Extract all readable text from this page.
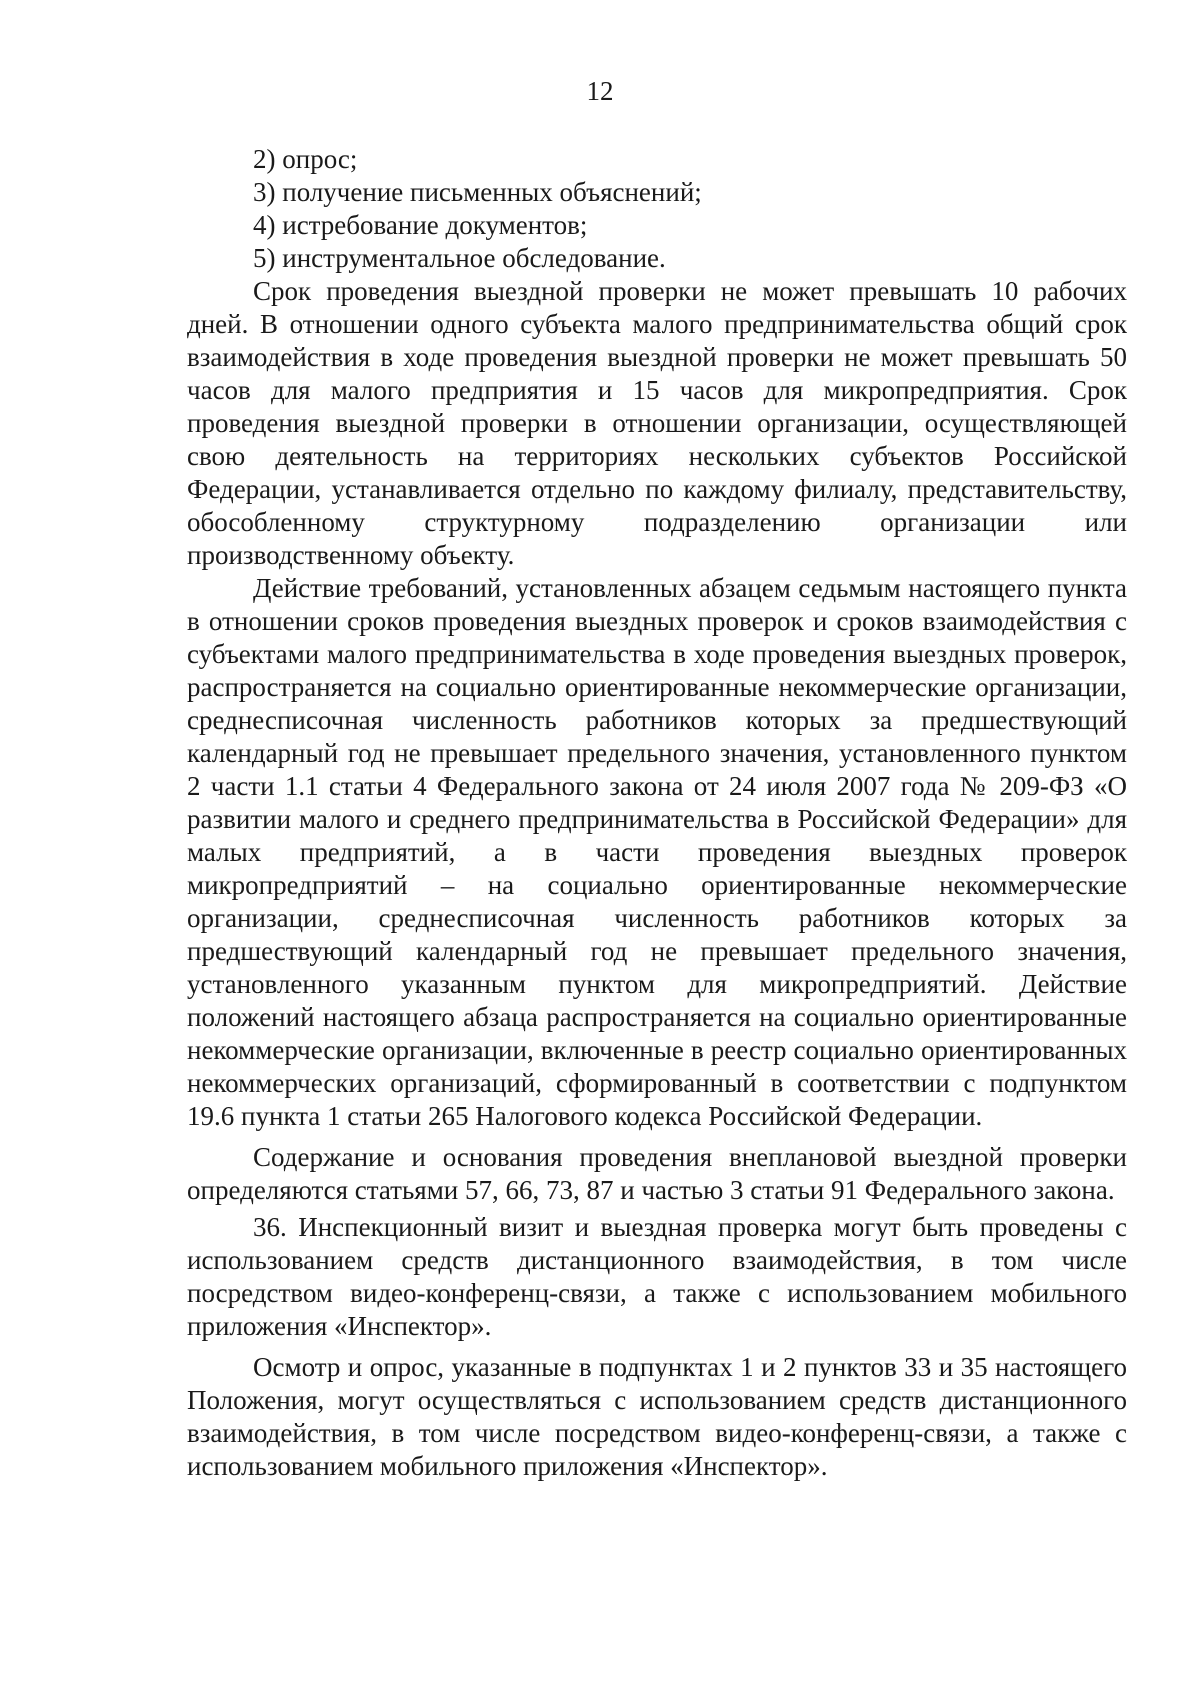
12

2) опрос;

3) получение письменных объяснений;

4) истребование документов;

5) инструментальное обследование.

Срок проведения выездной проверки не может превышать 10 рабочих дней. В отношении одного субъекта малого предпринимательства общий срок взаимодействия в ходе проведения выездной проверки не может превышать 50 часов для малого предприятия и 15 часов для микропредприятия. Срок проведения выездной проверки в отношении организации, осуществляющей свою деятельность на территориях нескольких субъектов Российской Федерации, устанавливается отдельно по каждому филиалу, представительству, обособленному структурному подразделению организации или производственному объекту.

Действие требований, установленных абзацем седьмым настоящего пункта в отношении сроков проведения выездных проверок и сроков взаимодействия с субъектами малого предпринимательства в ходе проведения выездных проверок, распространяется на социально ориентированные некоммерческие организации, среднесписочная численность работников которых за предшествующий календарный год не превышает предельного значения, установленного пунктом 2 части 1.1 статьи 4 Федерального закона от 24 июля 2007 года № 209-ФЗ «О развитии малого и среднего предпринимательства в Российской Федерации» для малых предприятий, а в части проведения выездных проверок микропредприятий – на социально ориентированные некоммерческие организации, среднесписочная численность работников которых за предшествующий календарный год не превышает предельного значения, установленного указанным пунктом для микропредприятий. Действие положений настоящего абзаца распространяется на социально ориентированные некоммерческие организации, включенные в реестр социально ориентированных некоммерческих организаций, сформированный в соответствии с подпунктом 19.6 пункта 1 статьи 265 Налогового кодекса Российской Федерации.

Содержание и основания проведения внеплановой выездной проверки определяются статьями 57, 66, 73, 87 и частью 3 статьи 91 Федерального закона.

36. Инспекционный визит и выездная проверка могут быть проведены с использованием средств дистанционного взаимодействия, в том числе посредством видео-конференц-связи, а также с использованием мобильного приложения «Инспектор».

Осмотр и опрос, указанные в подпунктах 1 и 2 пунктов 33 и 35 настоящего Положения, могут осуществляться с использованием средств дистанционного взаимодействия, в том числе посредством видео-конференц-связи, а также с использованием мобильного приложения «Инспектор».
